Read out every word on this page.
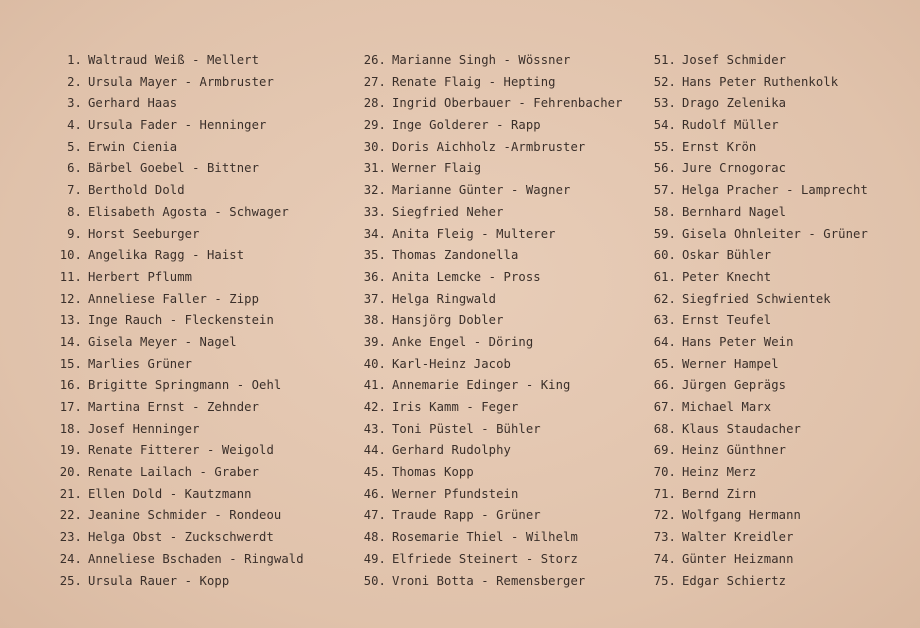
1. Waltraud Weiß - Mellert
2. Ursula Mayer - Armbruster
3. Gerhard Haas
4. Ursula Fader - Henninger
5. Erwin Cienia
6. Bärbel Goebel - Bittner
7. Berthold Dold
8. Elisabeth Agosta - Schwager
9. Horst Seeburger
10. Angelika Ragg - Haist
11. Herbert Pflumm
12. Anneliese Faller - Zipp
13. Inge Rauch - Fleckenstein
14. Gisela Meyer - Nagel
15. Marlies Grüner
16. Brigitte Springmann - Oehl
17. Martina Ernst - Zehnder
18. Josef Henninger
19. Renate Fitterer - Weigold
20. Renate Lailach - Graber
21. Ellen Dold - Kautzmann
22. Jeanine Schmider - Rondeou
23. Helga Obst - Zuckschwerdt
24. Anneliese Bschaden - Ringwald
25. Ursula Rauer - Kopp
26. Marianne Singh - Wössner
27. Renate Flaig - Hepting
28. Ingrid Oberbauer - Fehrenbacher
29. Inge Golderer - Rapp
30. Doris Aichholz -Armbruster
31. Werner Flaig
32. Marianne Günter - Wagner
33. Siegfried Neher
34. Anita Fleig - Multerer
35. Thomas Zandonella
36. Anita Lemcke - Pross
37. Helga Ringwald
38. Hansjörg Dobler
39. Anke Engel - Döring
40. Karl-Heinz Jacob
41. Annemarie Edinger - King
42. Iris Kamm - Feger
43. Toni Püstel - Bühler
44. Gerhard Rudolphy
45. Thomas Kopp
46. Werner Pfundstein
47. Traude Rapp - Grüner
48. Rosemarie Thiel - Wilhelm
49. Elfriede Steinert - Storz
50. Vroni Botta - Remensberger
51. Josef Schmider
52. Hans Peter Ruthenkolk
53. Drago Zelenika
54. Rudolf Müller
55. Ernst Krön
56. Jure Crnogorac
57. Helga Pracher - Lamprecht
58. Bernhard Nagel
59. Gisela Ohnleiter - Grüner
60. Oskar Bühler
61. Peter Knecht
62. Siegfried Schwientek
63. Ernst Teufel
64. Hans Peter Wein
65. Werner Hampel
66. Jürgen Geprägs
67. Michael Marx
68. Klaus Staudacher
69. Heinz Günthner
70. Heinz Merz
71. Bernd Zirn
72. Wolfgang Hermann
73. Walter Kreidler
74. Günter Heizmann
75. Edgar Schiertz
